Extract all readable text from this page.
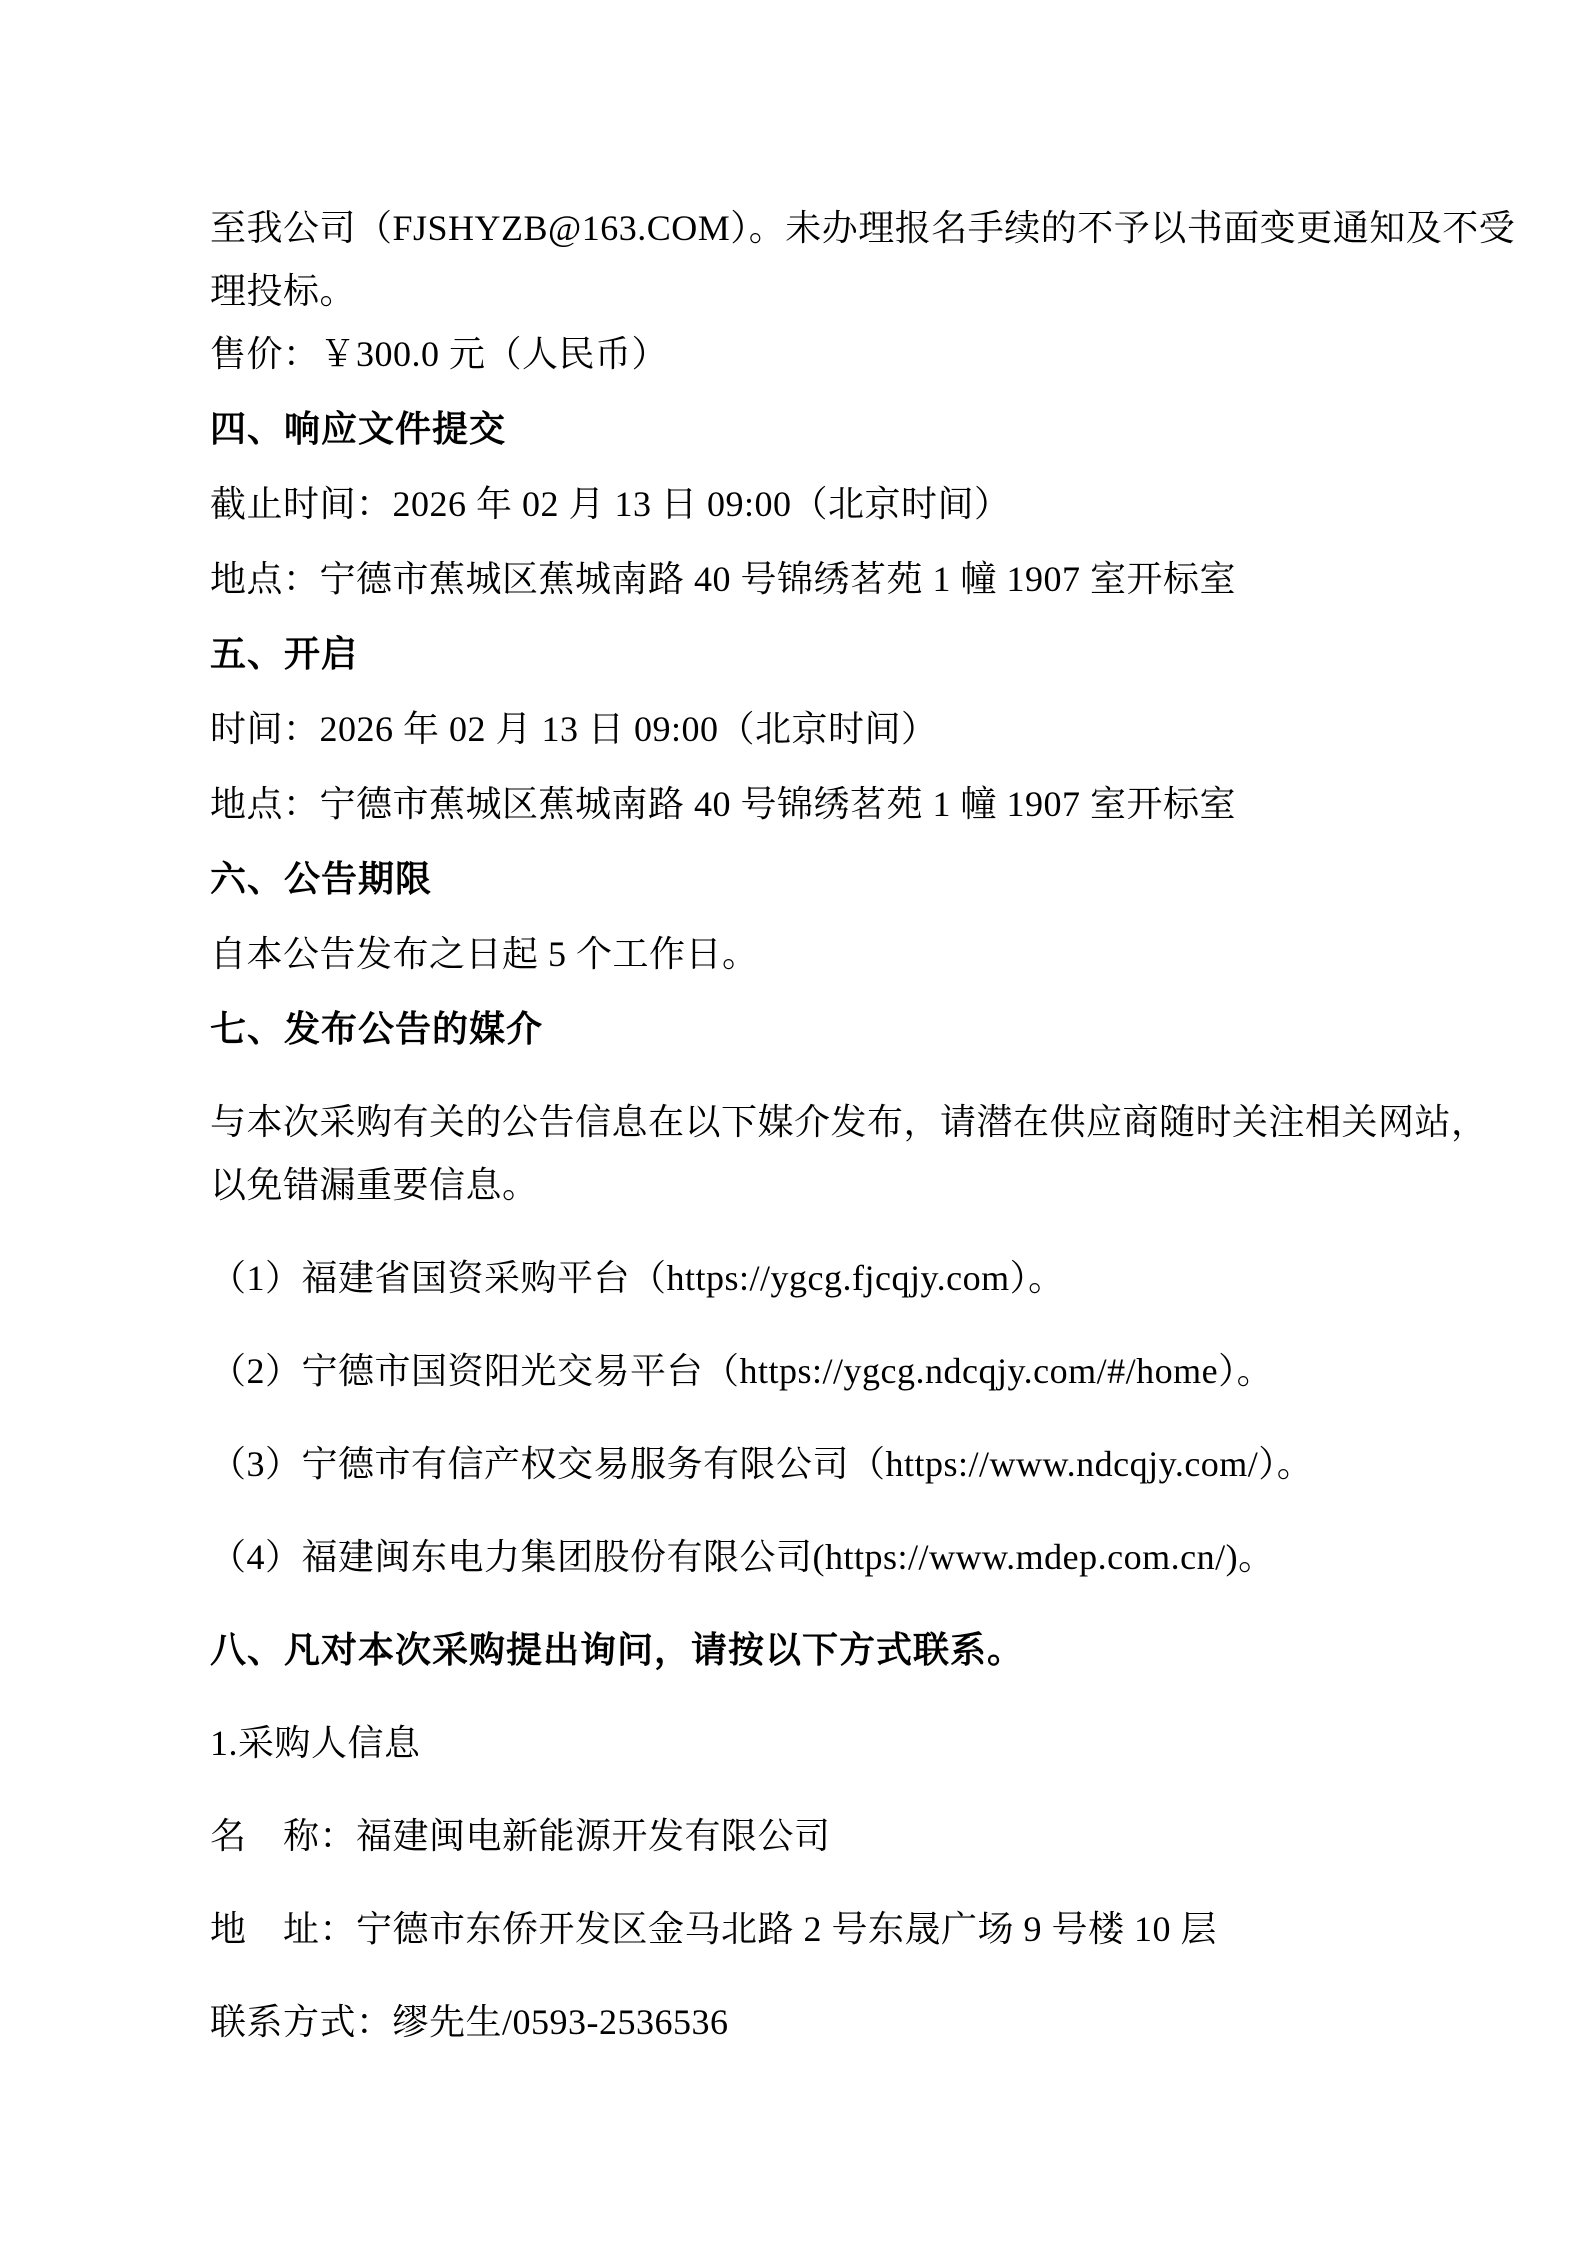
至我公司（FJSHYZB@163.COM）。未办理报名手续的不予以书面变更通知及不受
理投标。
售价：￥300.0 元（人民币）
四、响应文件提交
截止时间：2026 年 02 月 13 日 09:00（北京时间）
地点：宁德市蕉城区蕉城南路 40 号锦绣茗苑 1 幢 1907 室开标室
五、开启
时间：2026 年 02 月 13 日 09:00（北京时间）
地点：宁德市蕉城区蕉城南路 40 号锦绣茗苑 1 幢 1907 室开标室
六、公告期限
自本公告发布之日起 5 个工作日。
七、发布公告的媒介
与本次采购有关的公告信息在以下媒介发布，请潜在供应商随时关注相关网站，
以免错漏重要信息。
（1）福建省国资采购平台（https://ygcg.fjcqjy.com）。
（2）宁德市国资阳光交易平台（https://ygcg.ndcqjy.com/#/home）。
（3）宁德市有信产权交易服务有限公司（https://www.ndcqjy.com/）。
（4）福建闽东电力集团股份有限公司(https://www.mdep.com.cn/)。
八、凡对本次采购提出询问，请按以下方式联系。
1.采购人信息
名　称：福建闽电新能源开发有限公司
地　址：宁德市东侨开发区金马北路 2 号东晟广场 9 号楼 10 层
联系方式：缪先生/0593-2536536
